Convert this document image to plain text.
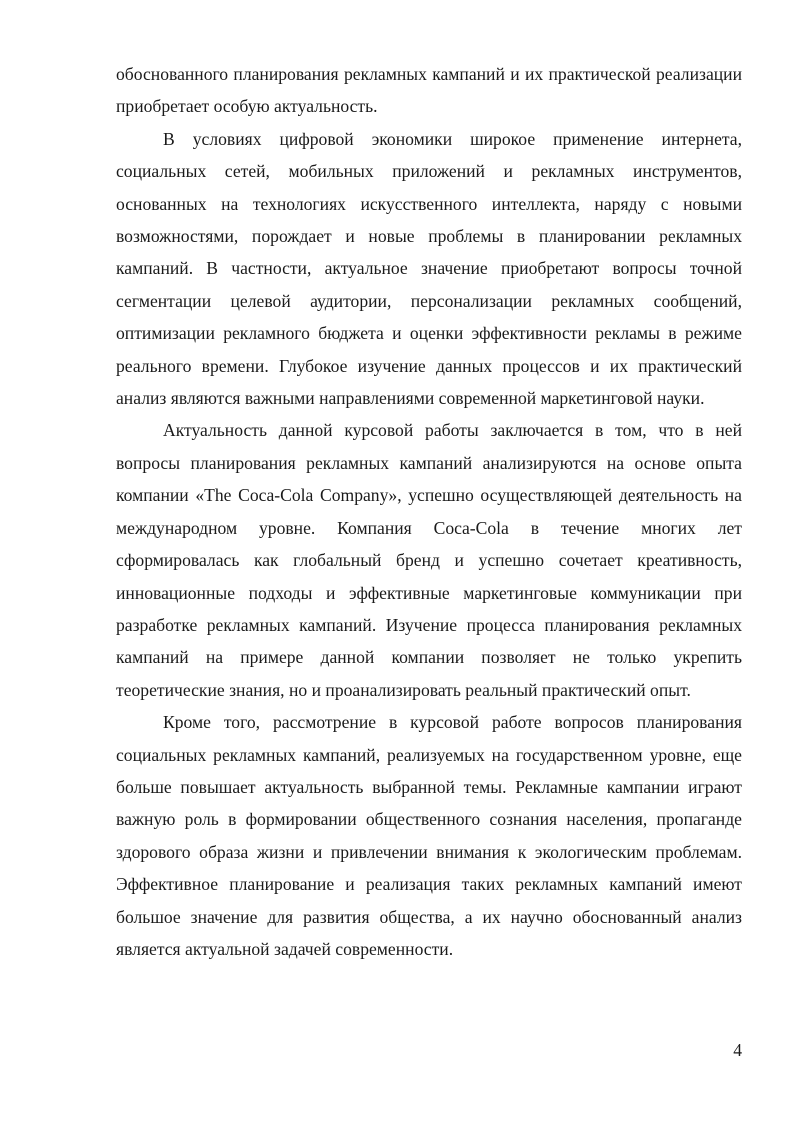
обоснованного планирования рекламных кампаний и их практической реализации приобретает особую актуальность.

В условиях цифровой экономики широкое применение интернета, социальных сетей, мобильных приложений и рекламных инструментов, основанных на технологиях искусственного интеллекта, наряду с новыми возможностями, порождает и новые проблемы в планировании рекламных кампаний. В частности, актуальное значение приобретают вопросы точной сегментации целевой аудитории, персонализации рекламных сообщений, оптимизации рекламного бюджета и оценки эффективности рекламы в режиме реального времени. Глубокое изучение данных процессов и их практический анализ являются важными направлениями современной маркетинговой науки.

Актуальность данной курсовой работы заключается в том, что в ней вопросы планирования рекламных кампаний анализируются на основе опыта компании «The Coca-Cola Company», успешно осуществляющей деятельность на международном уровне. Компания Coca-Cola в течение многих лет сформировалась как глобальный бренд и успешно сочетает креативность, инновационные подходы и эффективные маркетинговые коммуникации при разработке рекламных кампаний. Изучение процесса планирования рекламных кампаний на примере данной компании позволяет не только укрепить теоретические знания, но и проанализировать реальный практический опыт.

Кроме того, рассмотрение в курсовой работе вопросов планирования социальных рекламных кампаний, реализуемых на государственном уровне, еще больше повышает актуальность выбранной темы. Рекламные кампании играют важную роль в формировании общественного сознания населения, пропаганде здорового образа жизни и привлечении внимания к экологическим проблемам. Эффективное планирование и реализация таких рекламных кампаний имеют большое значение для развития общества, а их научно обоснованный анализ является актуальной задачей современности.

4
